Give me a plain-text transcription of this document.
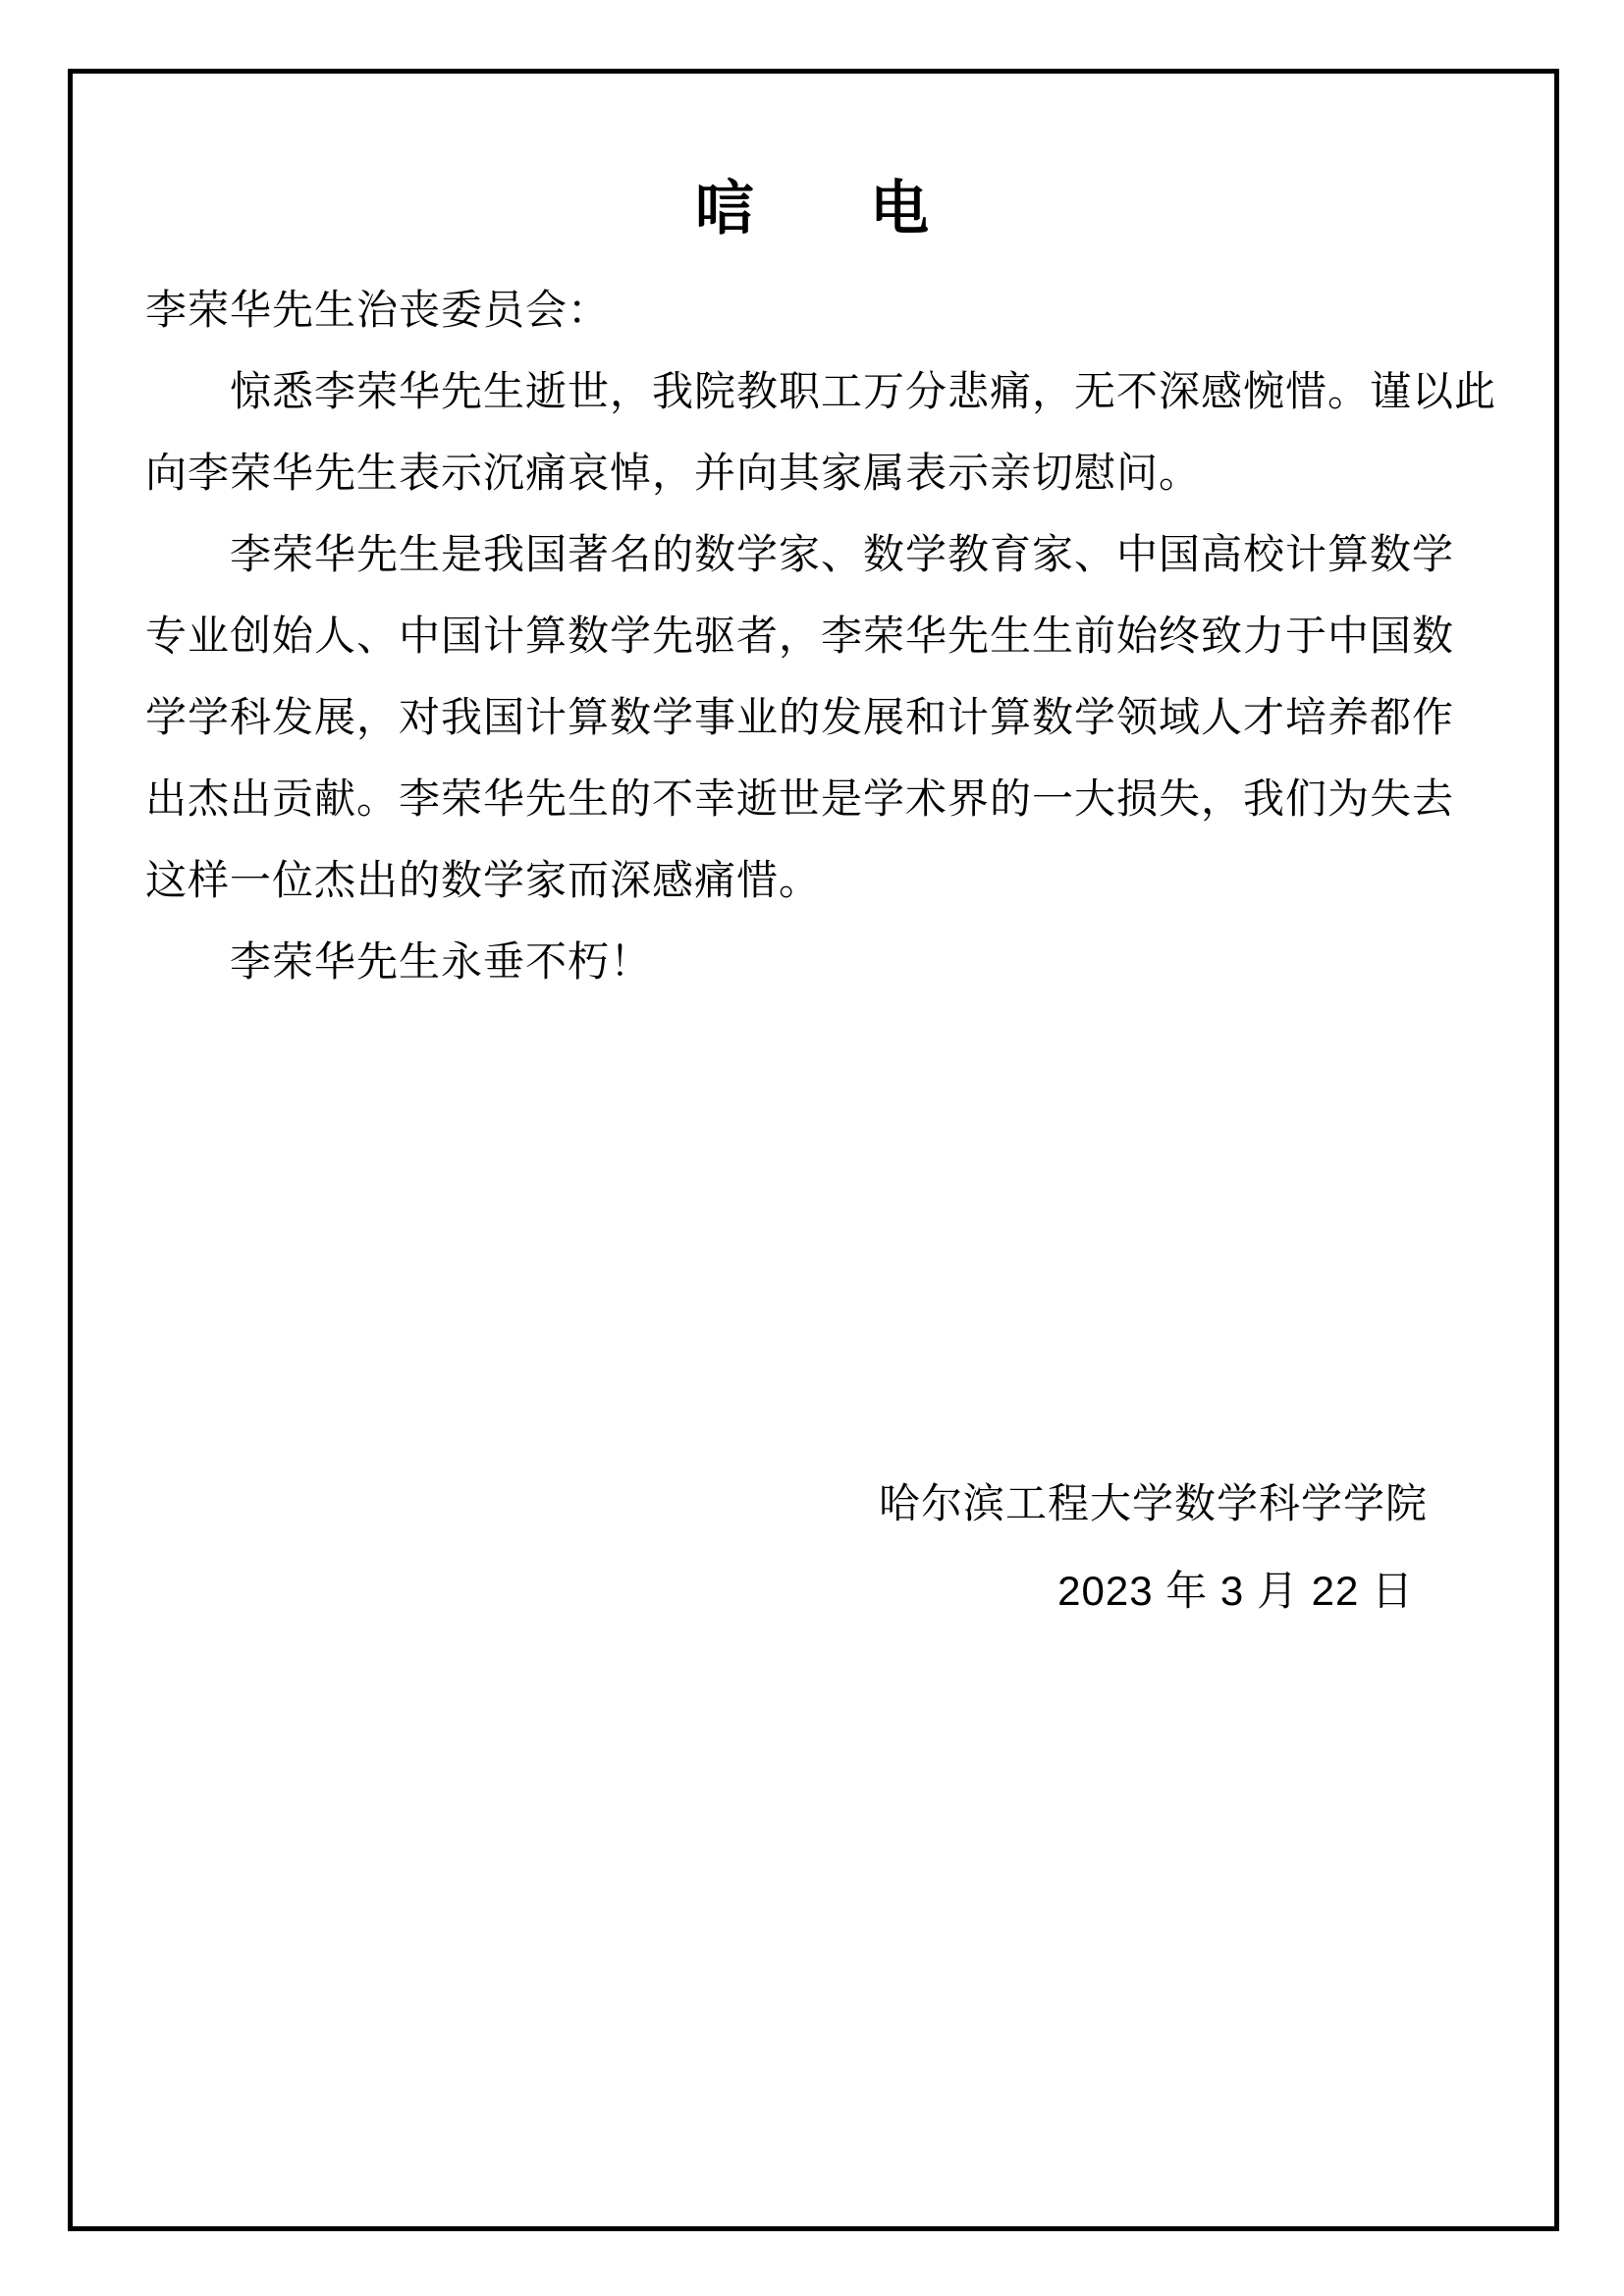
唁 电
李荣华先生治丧委员会：
惊悉李荣华先生逝世，我院教职工万分悲痛，无不深感惋惜。谨以此
向李荣华先生表示沉痛哀悼，并向其家属表示亲切慰问。
李荣华先生是我国著名的数学家、数学教育家、中国高校计算数学
专业创始人、中国计算数学先驱者，李荣华先生生前始终致力于中国数
学学科发展，对我国计算数学事业的发展和计算数学领域人才培养都作
出杰出贡献。李荣华先生的不幸逝世是学术界的一大损失，我们为失去
这样一位杰出的数学家而深感痛惜。
李荣华先生永垂不朽！
哈尔滨工程大学数学科学学院
2023 年 3 月 22 日
